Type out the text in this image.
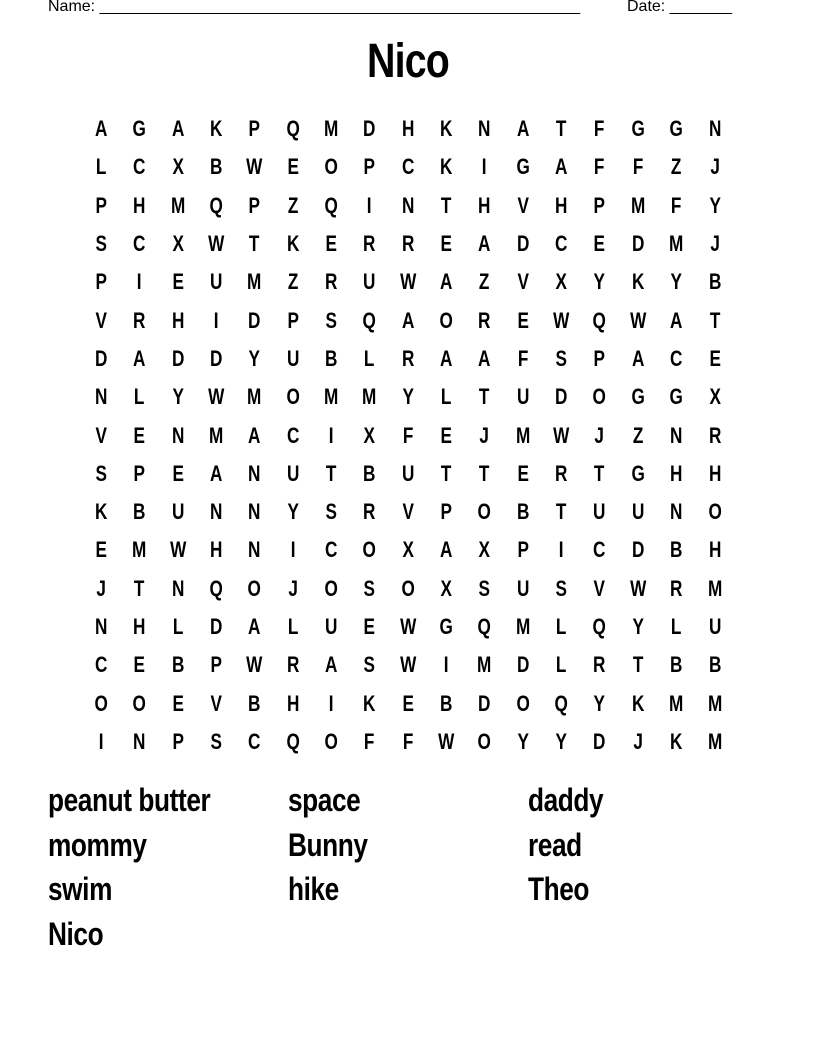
Name: ______________________________________________________	Date: _______
Nico
A	G	A	K	P	Q	M	D	H	K	N	A	T	F	G	G	N
L	C	X	B	W	E	O	P	C	K	I	G	A	F	F	Z	J
P	H	M	Q	P	Z	Q	I	N	T	H	V	H	P	M	F	Y
S	C	X	W	T	K	E	R	R	E	A	D	C	E	D	M	J
P	I	E	U	M	Z	R	U	W	A	Z	V	X	Y	K	Y	B
V	R	H	I	D	P	S	Q	A	O	R	E	W	Q	W	A	T
D	A	D	D	Y	U	B	L	R	A	A	F	S	P	A	C	E
N	L	Y	W	M	O	M	M	Y	L	T	U	D	O	G	G	X
V	E	N	M	A	C	I	X	F	E	J	M	W	J	Z	N	R
S	P	E	A	N	U	T	B	U	T	T	E	R	T	G	H	H
K	B	U	N	N	Y	S	R	V	P	O	B	T	U	U	N	O
E	M	W	H	N	I	C	O	X	A	X	P	I	C	D	B	H
J	T	N	Q	O	J	O	S	O	X	S	U	S	V	W	R	M
N	H	L	D	A	L	U	E	W	G	Q	M	L	Q	Y	L	U
C	E	B	P	W	R	A	S	W	I	M	D	L	R	T	B	B
O	O	E	V	B	H	I	K	E	B	D	O	Q	Y	K	M	M
I	N	P	S	C	Q	O	F	F	W	O	Y	Y	D	J	K	M
peanut butter	space	daddy
mommy	Bunny	read
swim	hike	Theo
Nico
